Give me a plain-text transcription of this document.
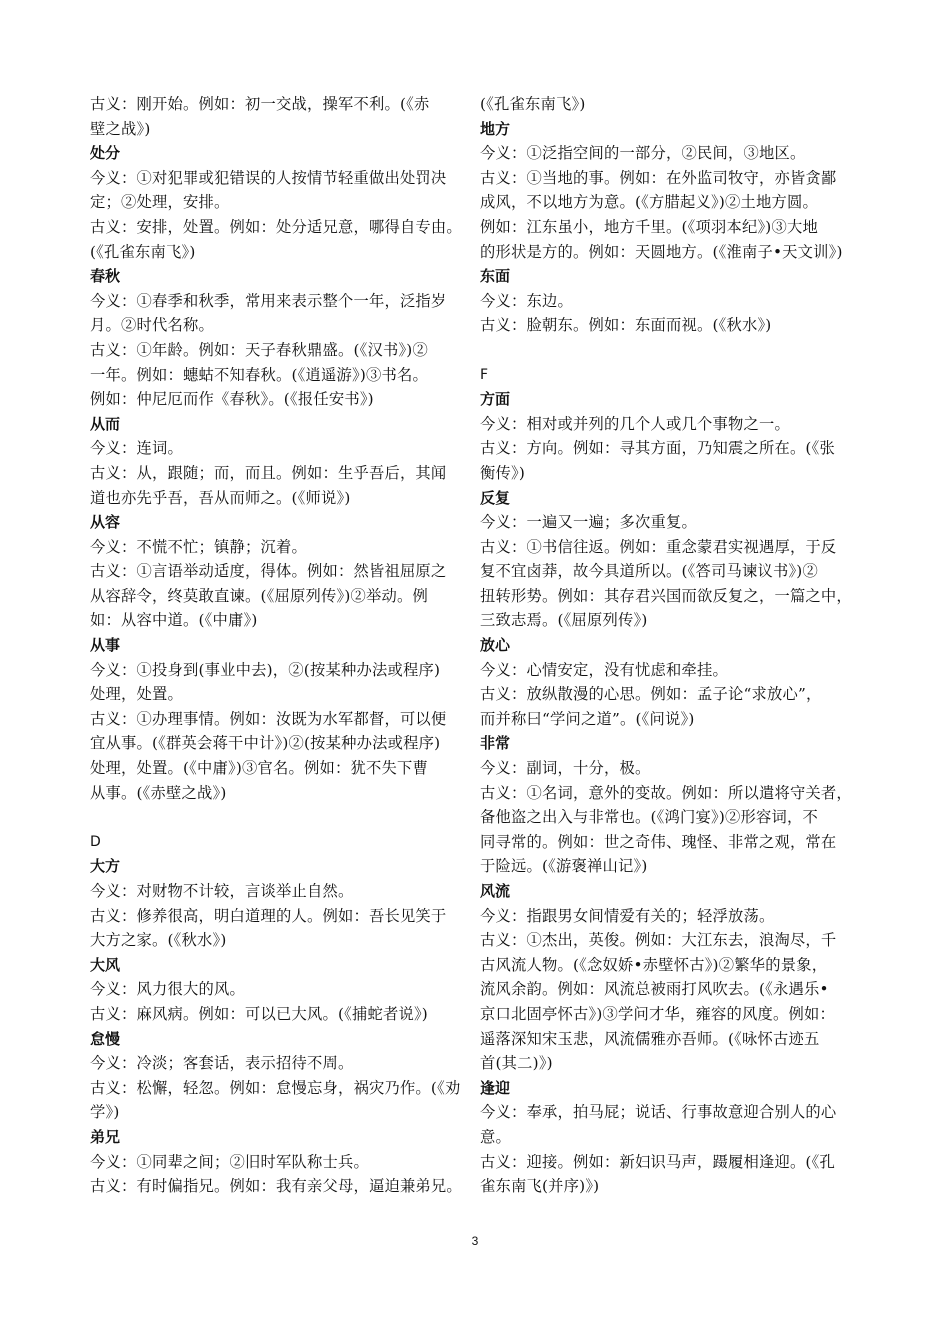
古义：刚开始。例如：初一交战，操军不利。(《赤
壁之战》)
处分
今义：①对犯罪或犯错误的人按情节轻重做出处罚决
定；②处理，安排。
古义：安排，处置。例如：处分适兄意，哪得自专由。
(《孔雀东南飞》)
春秋
今义：①春季和秋季，常用来表示整个一年，泛指岁
月。②时代名称。
古义：①年龄。例如：天子春秋鼎盛。(《汉书》)②
一年。例如：蟪蛄不知春秋。(《逍遥游》)③书名。
例如：仲尼厄而作《春秋》。(《报任安书》)
从而
今义：连词。
古义：从，跟随；而，而且。例如：生乎吾后，其闻
道也亦先乎吾，吾从而师之。(《师说》)
从容
今义：不慌不忙；镇静；沉着。
古义：①言语举动适度，得体。例如：然皆祖屈原之
从容辞令，终莫敢直谏。(《屈原列传》)②举动。例
如：从容中道。(《中庸》)
从事
今义：①投身到(事业中去)，②(按某种办法或程序)
处理，处置。
古义：①办理事情。例如：汝既为水军都督，可以便
宜从事。(《群英会蒋干中计》)②(按某种办法或程序)
处理，处置。(《中庸》)③官名。例如：犹不失下曹
从事。(《赤壁之战》)
D
大方
今义：对财物不计较，言谈举止自然。
古义：修养很高，明白道理的人。例如：吾长见笑于
大方之家。(《秋水》)
大风
今义：风力很大的风。
古义：麻风病。例如：可以已大风。(《捕蛇者说》)
怠慢
今义：冷淡；客套话，表示招待不周。
古义：松懈，轻忽。例如：怠慢忘身，祸灾乃作。(《劝
学》)
弟兄
今义：①同辈之间；②旧时军队称士兵。
古义：有时偏指兄。例如：我有亲父母，逼迫兼弟兄。
(《孔雀东南飞》)
地方
今义：①泛指空间的一部分，②民间，③地区。
古义：①当地的事。例如：在外监司牧守，亦皆贪鄙
成风，不以地方为意。(《方腊起义》)②土地方圆。
例如：江东虽小，地方千里。(《项羽本纪》)③大地
的形状是方的。例如：天圆地方。(《淮南子•天文训》)
东面
今义：东边。
古义：脸朝东。例如：东面而视。(《秋水》)
F
方面
今义：相对或并列的几个人或几个事物之一。
古义：方向。例如：寻其方面，乃知震之所在。(《张
衡传》)
反复
今义：一遍又一遍；多次重复。
古义：①书信往返。例如：重念蒙君实视遇厚，于反
复不宜卤莽，故今具道所以。(《答司马谏议书》)②
扭转形势。例如：其存君兴国而欲反复之，一篇之中，
三致志焉。(《屈原列传》)
放心
今义：心情安定，没有忧虑和牵挂。
古义：放纵散漫的心思。例如：孟子论“求放心”，
而并称曰“学问之道”。(《问说》)
非常
今义：副词，十分，极。
古义：①名词，意外的变故。例如：所以遣将守关者，
备他盗之出入与非常也。(《鸿门宴》)②形容词，不
同寻常的。例如：世之奇伟、瑰怪、非常之观，常在
于险远。(《游褒禅山记》)
风流
今义：指跟男女间情爱有关的；轻浮放荡。
古义：①杰出，英俊。例如：大江东去，浪淘尽，千
古风流人物。(《念奴娇•赤壁怀古》)②繁华的景象，
流风余韵。例如：风流总被雨打风吹去。(《永遇乐•
京口北固亭怀古》)③学问才华，雍容的风度。例如：
遥落深知宋玉悲，风流儒雅亦吾师。(《咏怀古迹五
首(其二)》)
逢迎
今义：奉承，拍马屁；说话、行事故意迎合别人的心
意。
古义：迎接。例如：新妇识马声，蹑履相逢迎。(《孔
雀东南飞(并序)》)
3
